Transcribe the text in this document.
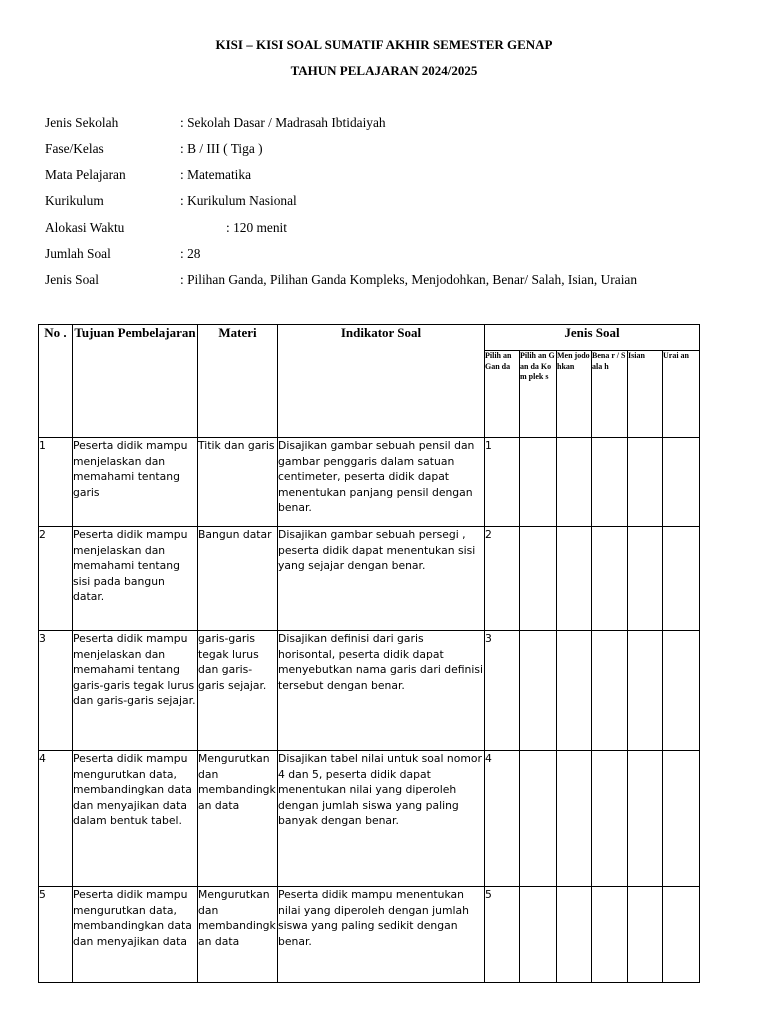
KISI – KISI SOAL SUMATIF AKHIR SEMESTER GENAP
TAHUN PELAJARAN 2024/2025
Jenis Sekolah	: Sekolah Dasar / Madrasah Ibtidaiyah
Fase/Kelas	: B / III ( Tiga )
Mata Pelajaran	: Matematika
Kurikulum	: Kurikulum Nasional
Alokasi Waktu	: 120 menit
Jumlah Soal	: 28
Jenis Soal	: Pilihan Ganda, Pilihan Ganda Kompleks, Menjodohkan, Benar/ Salah, Isian, Uraian
No .	Tujuan Pembelajaran	Materi	Indikator Soal	Jenis Soal					
				Pilih an Gan da	Pilih an Gan da Kom plek s	Men jodo hkan	Bena r / Sala h	Isian	Urai an
1	Peserta didik mampu menjelaskan dan memahami tentang garis	Titik dan garis	Disajikan gambar sebuah pensil dan gambar penggaris dalam satuan centimeter, peserta didik dapat menentukan panjang pensil dengan benar.	1					
2	Peserta didik mampu menjelaskan dan memahami tentang sisi pada bangun datar.	Bangun datar	Disajikan gambar sebuah persegi , peserta didik dapat menentukan sisi yang sejajar dengan benar.	2					
3	Peserta didik mampu menjelaskan dan memahami tentang garis-garis tegak lurus dan garis-garis sejajar.	garis-garis tegak lurus dan garis-garis sejajar.	Disajikan definisi dari garis horisontal, peserta didik dapat menyebutkan nama garis dari definisi tersebut dengan benar.	3					
4	Peserta didik mampu mengurutkan data, membandingkan data dan menyajikan data dalam bentuk tabel.	Mengurutkan dan membandingkan data	Disajikan tabel nilai untuk soal nomor 4 dan 5, peserta didik dapat menentukan nilai yang diperoleh dengan jumlah siswa yang paling banyak dengan benar.	4					
5	Peserta didik mampu mengurutkan data, membandingkan data dan menyajikan data	Mengurutkan dan membandingkan data	Peserta didik mampu menentukan nilai yang diperoleh dengan jumlah siswa yang paling sedikit dengan benar.	5					
